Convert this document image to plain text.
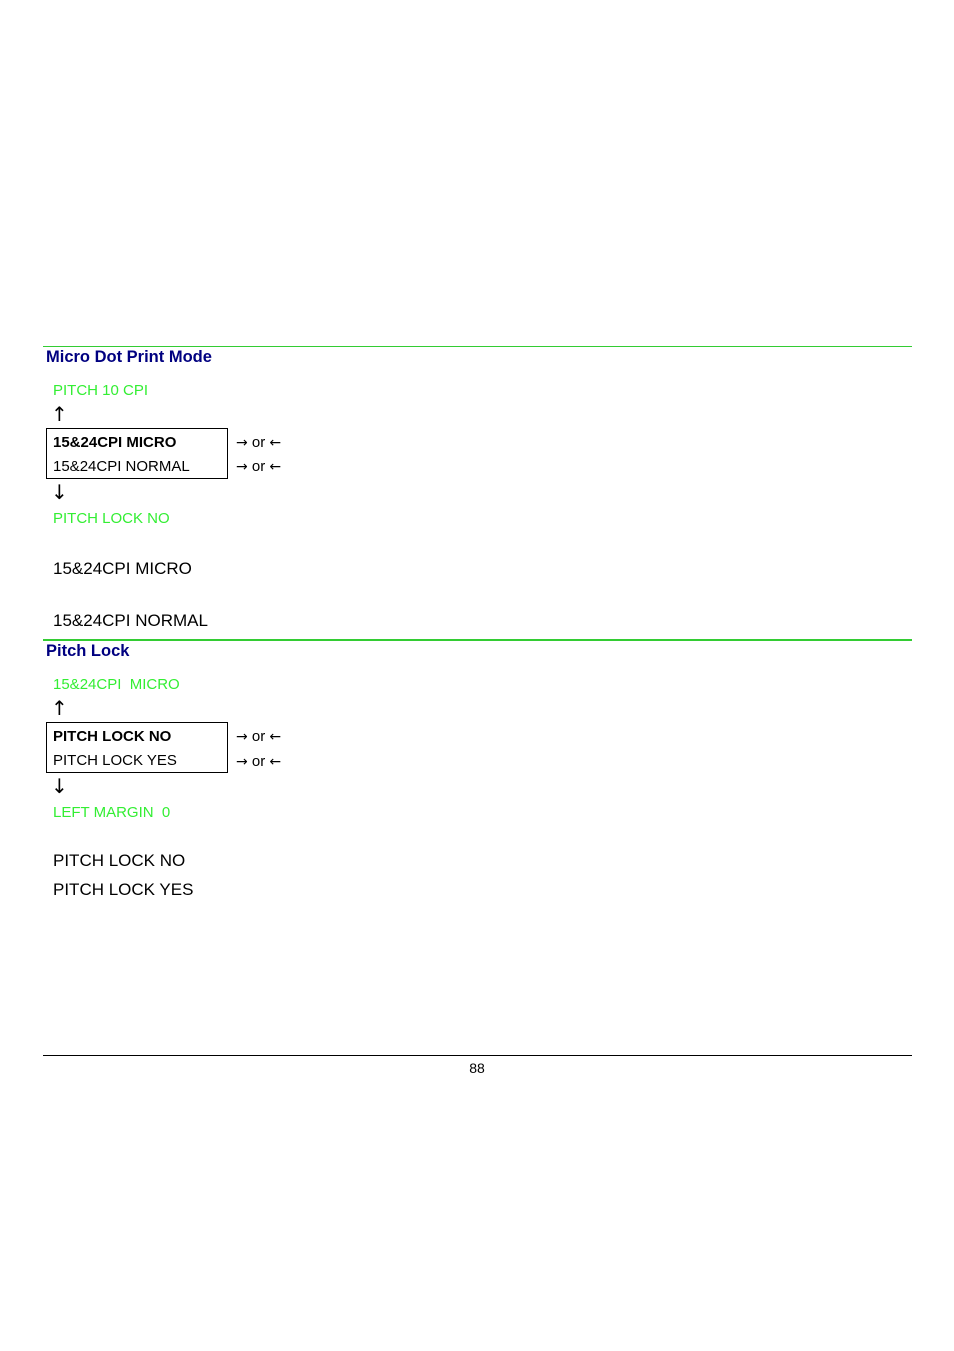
Micro Dot Print Mode
PITCH 10 CPI
↑
15&24CPI MICRO
15&24CPI NORMAL
→ or ←
→ or ←
↓
PITCH LOCK NO
15&24CPI MICRO
15&24CPI NORMAL
Pitch Lock
15&24CPI  MICRO
↑
PITCH LOCK NO
PITCH LOCK YES
→ or ←
→ or ←
↓
LEFT MARGIN  0
PITCH LOCK NO
PITCH LOCK YES
88
